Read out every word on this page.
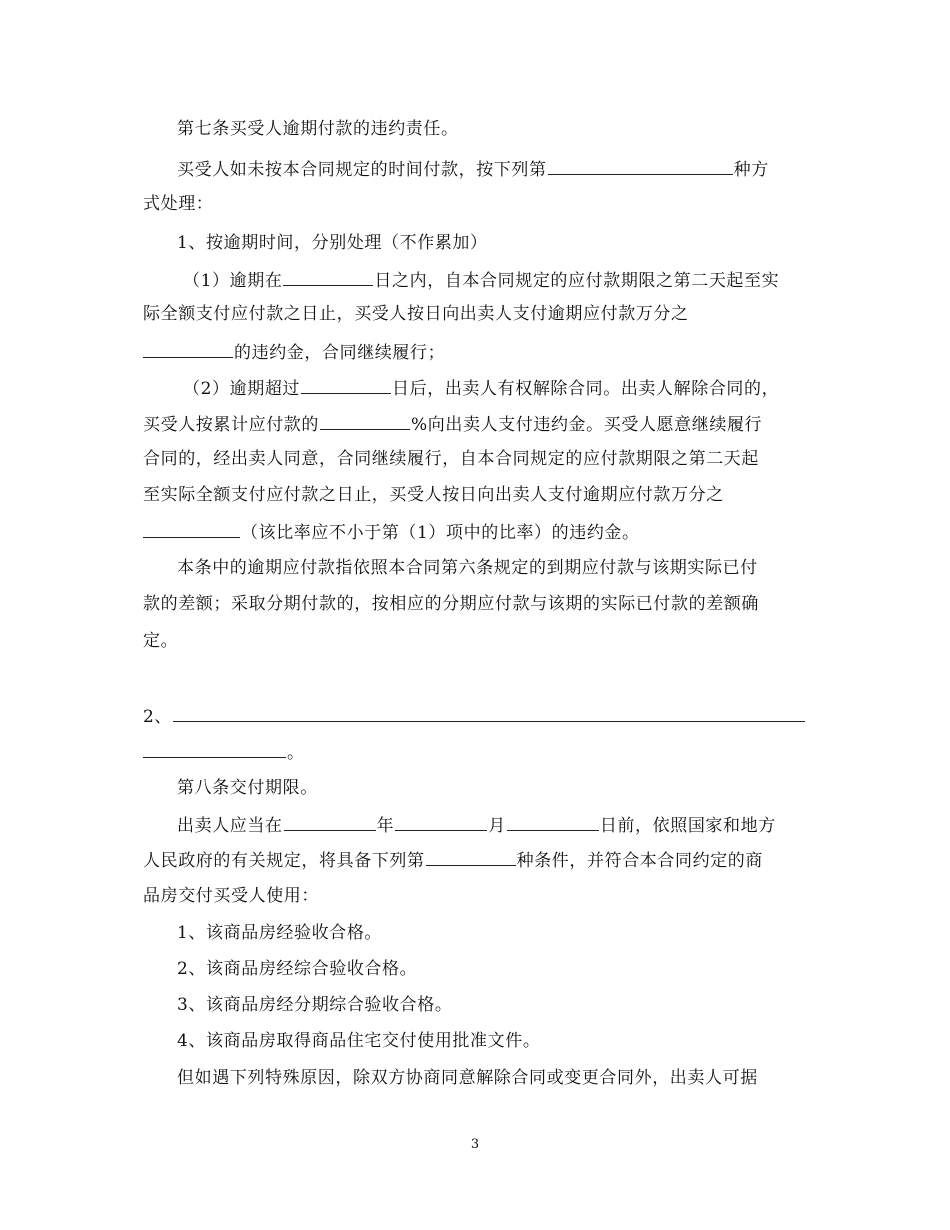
第七条买受人逾期付款的违约责任。
买受人如未按本合同规定的时间付款，按下列第	种方
式处理：
1、按逾期时间，分别处理（不作累加）
（1）逾期在	日之内，自本合同规定的应付款期限之第二天起至实
际全额支付应付款之日止，买受人按日向出卖人支付逾期应付款万分之
的违约金，合同继续履行；
（2）逾期超过	日后，出卖人有权解除合同。出卖人解除合同的，
买受人按累计应付款的	%向出卖人支付违约金。买受人愿意继续履行
合同的，经出卖人同意，合同继续履行，自本合同规定的应付款期限之第二天起
至实际全额支付应付款之日止，买受人按日向出卖人支付逾期应付款万分之
（该比率应不小于第（1）项中的比率）的违约金。
本条中的逾期应付款指依照本合同第六条规定的到期应付款与该期实际已付
款的差额；采取分期付款的，按相应的分期应付款与该期的实际已付款的差额确
定。
2、
。
第八条交付期限。
出卖人应当在	年	月	日前，依照国家和地方
人民政府的有关规定，将具备下列第	种条件，并符合本合同约定的商
品房交付买受人使用：
1、该商品房经验收合格。
2、该商品房经综合验收合格。
3、该商品房经分期综合验收合格。
4、该商品房取得商品住宅交付使用批准文件。
但如遇下列特殊原因，除双方协商同意解除合同或变更合同外，出卖人可据
3
